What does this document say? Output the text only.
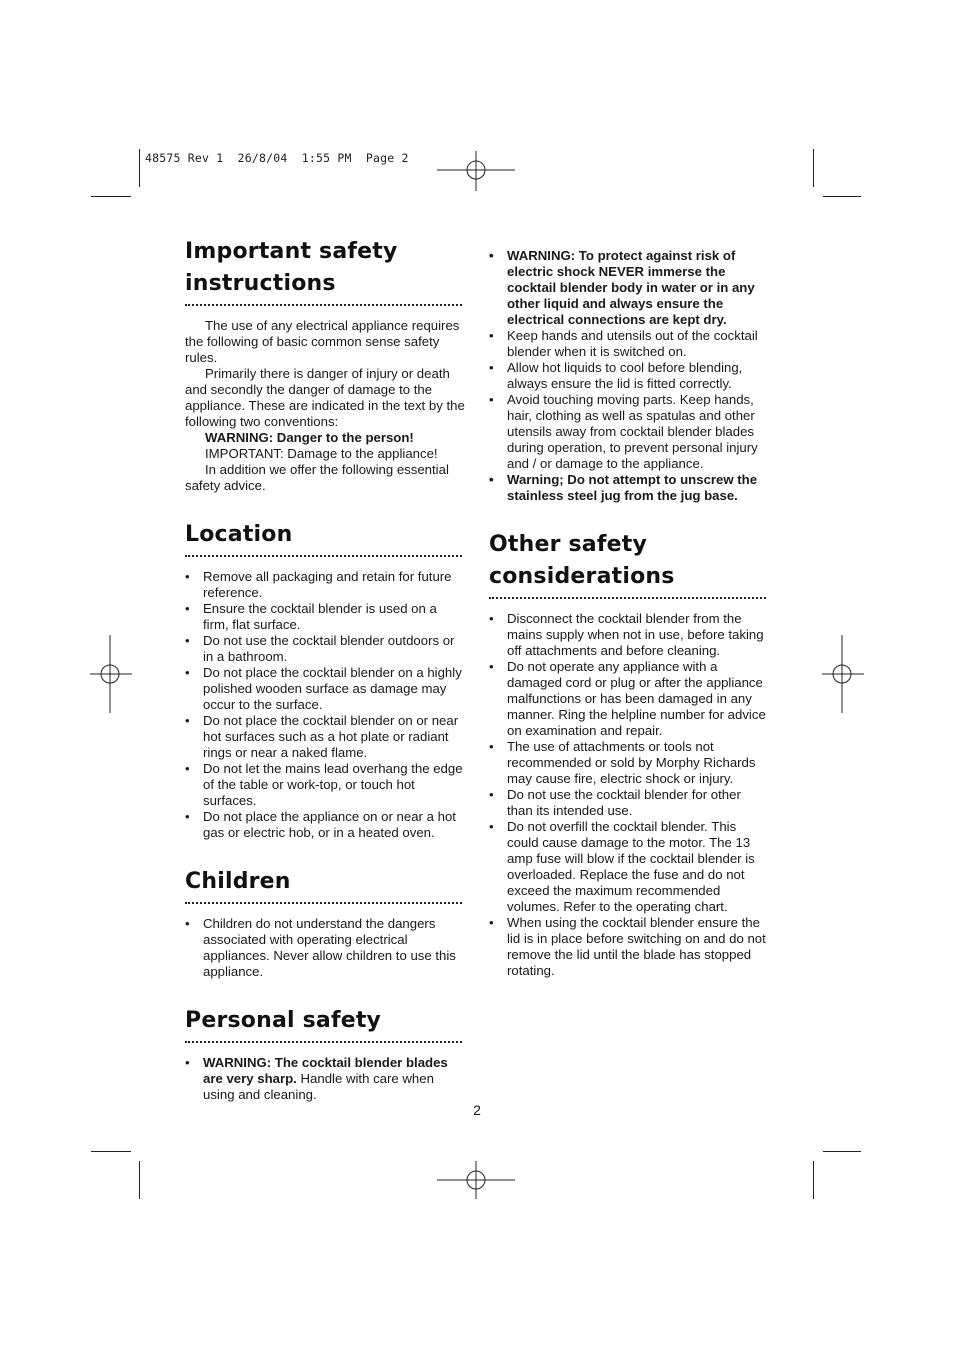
48575 Rev 1  26/8/04  1:55 PM  Page 2
Important safety
instructions

The use of any electrical appliance requires the following of basic common sense safety rules.

Primarily there is danger of injury or death and secondly the danger of damage to the appliance. These are indicated in the text by the following two conventions:

WARNING: Danger to the person!

IMPORTANT: Damage to the appliance!

In addition we offer the following essential safety advice.

Location
• Remove all packaging and retain for future reference.
• Ensure the cocktail blender is used on a firm, flat surface.
• Do not use the cocktail blender outdoors or in a bathroom.
• Do not place the cocktail blender on a highly polished wooden surface as damage may occur to the surface.
• Do not place the cocktail blender on or near hot surfaces such as a hot plate or radiant rings or near a naked flame.
• Do not let the mains lead overhang the edge of the table or work-top, or touch hot surfaces.
• Do not place the appliance on or near a hot gas or electric hob, or in a heated oven.
Children
• Children do not understand the dangers associated with operating electrical appliances. Never allow children to use this appliance.
Personal safety
• WARNING: The cocktail blender blades are very sharp. Handle with care when using and cleaning.
• WARNING: To protect against risk of electric shock NEVER immerse the cocktail blender body in water or in any other liquid and always ensure the electrical connections are kept dry.
• Keep hands and utensils out of the cocktail blender when it is switched on.
• Allow hot liquids to cool before blending, always ensure the lid is fitted correctly.
• Avoid touching moving parts. Keep hands, hair, clothing as well as spatulas and other utensils away from cocktail blender blades during operation, to prevent personal injury and / or damage to the appliance.
• Warning; Do not attempt to unscrew the stainless steel jug from the jug base.
Other safety
considerations
• Disconnect the cocktail blender from the mains supply when not in use, before taking off attachments and before cleaning.
• Do not operate any appliance with a damaged cord or plug or after the appliance malfunctions or has been damaged in any manner. Ring the helpline number for advice on examination and repair.
• The use of attachments or tools not recommended or sold by Morphy Richards may cause fire, electric shock or injury.
• Do not use the cocktail blender for other than its intended use.
• Do not overfill the cocktail blender. This could cause damage to the motor. The 13 amp fuse will blow if the cocktail blender is overloaded. Replace the fuse and do not exceed the maximum recommended volumes. Refer to the operating chart.
• When using the cocktail blender ensure the lid is in place before switching on and do not remove the lid until the blade has stopped rotating.
2
